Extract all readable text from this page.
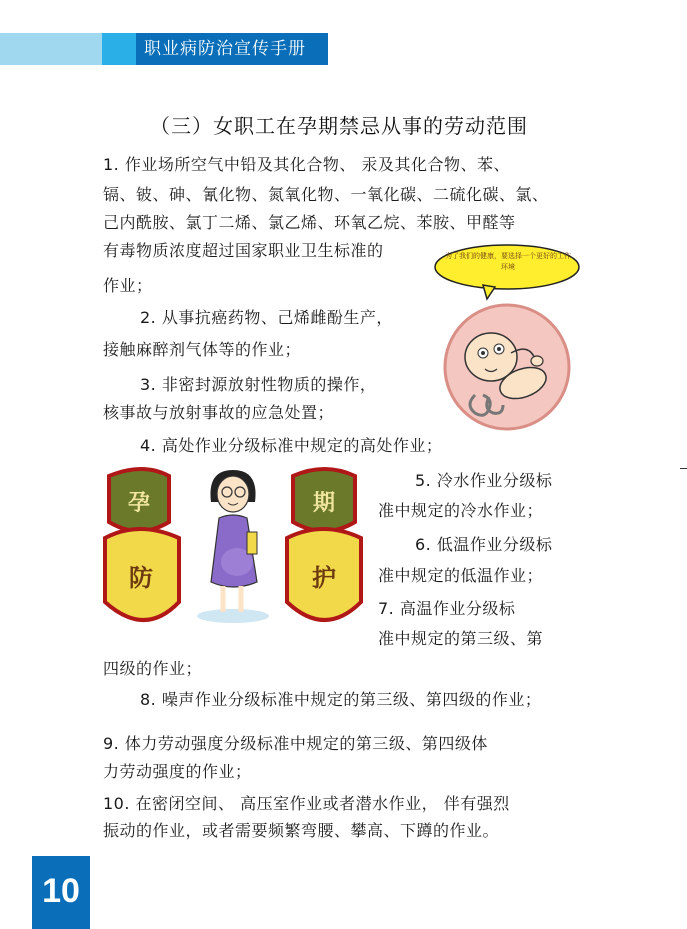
职业病防治宣传手册
（三）女职工在孕期禁忌从事的劳动范围
1. 作业场所空气中铅及其化合物、 汞及其化合物、苯、
镉、铍、砷、氰化物、氮氧化物、一氧化碳、二硫化碳、氯、
己内酰胺、氯丁二烯、氯乙烯、环氧乙烷、苯胺、甲醛等
有毒物质浓度超过国家职业卫生标准的
作业；
2. 从事抗癌药物、己烯雌酚生产，
接触麻醉剂气体等的作业；
3. 非密封源放射性物质的操作，
核事故与放射事故的应急处置；
4. 高处作业分级标准中规定的高处作业；
5. 冷水作业分级标
准中规定的冷水作业；
6. 低温作业分级标
准中规定的低温作业；
7. 高温作业分级标
准中规定的第三级、第
四级的作业；
8. 噪声作业分级标准中规定的第三级、第四级的作业；
9. 体力劳动强度分级标准中规定的第三级、第四级体
力劳动强度的作业；
10. 在密闭空间、 高压室作业或者潜水作业， 伴有强烈
振动的作业，或者需要频繁弯腰、攀高、下蹲的作业。
为了我们的健康，要选择一个更好的工作环境
孕	期
防	护
10
